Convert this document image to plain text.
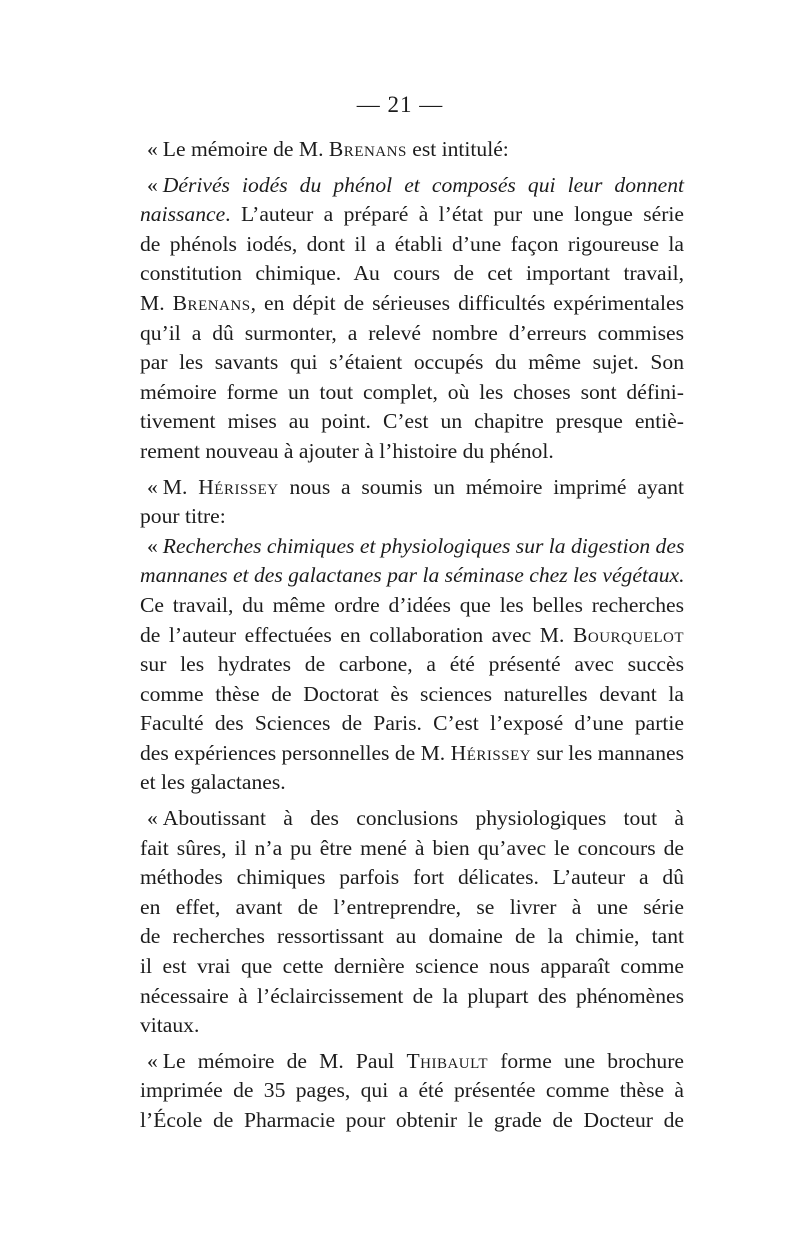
— 21 —
« Le mémoire de M. Brenans est intitulé:
« Dérivés iodés du phénol et composés qui leur donnent
naissance. L’auteur a préparé à l’état pur une longue série
de phénols iodés, dont il a établi d’une façon rigoureuse la
constitution chimique. Au cours de cet important travail,
M. Brenans, en dépit de sérieuses difficultés expérimentales
qu’il a dû surmonter, a relevé nombre d’erreurs commises
par les savants qui s’étaient occupés du même sujet. Son
mémoire forme un tout complet, où les choses sont défini-
tivement mises au point. C’est un chapitre presque entiè-
rement nouveau à ajouter à l’histoire du phénol.
« M. Hérissey nous a soumis un mémoire imprimé ayant
pour titre:
« Recherches chimiques et physiologiques sur la digestion des
mannanes et des galactanes par la séminase chez les végétaux.
Ce travail, du même ordre d’idées que les belles recherches
de l’auteur effectuées en collaboration avec M. Bourquelot
sur les hydrates de carbone, a été présenté avec succès
comme thèse de Doctorat ès sciences naturelles devant la
Faculté des Sciences de Paris. C’est l’exposé d’une partie
des expériences personnelles de M. Hérissey sur les mannanes
et les galactanes.
« Aboutissant à des conclusions physiologiques tout à
fait sûres, il n’a pu être mené à bien qu’avec le concours de
méthodes chimiques parfois fort délicates. L’auteur a dû
en effet, avant de l’entreprendre, se livrer à une série
de recherches ressortissant au domaine de la chimie, tant
il est vrai que cette dernière science nous apparaît comme
nécessaire à l’éclaircissement de la plupart des phénomènes
vitaux.
« Le mémoire de M. Paul Thibault forme une brochure
imprimée de 35 pages, qui a été présentée comme thèse à
l’École de Pharmacie pour obtenir le grade de Docteur de
